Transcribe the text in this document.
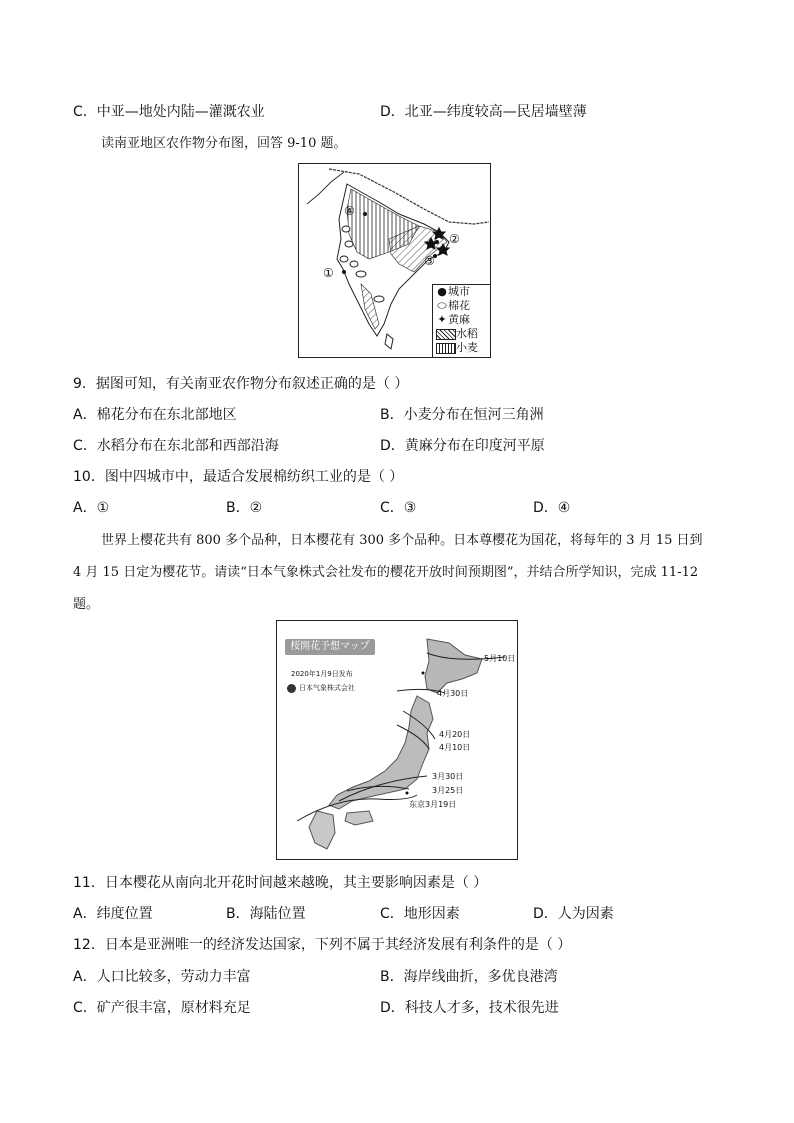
C．中亚—地处内陆—灌溉农业	D．北亚—纬度较高—民居墙壁薄
读南亚地区农作物分布图，回答 9-10 题。
④
①
②
③
●城市
⬭棉花
✦黄麻
水稻
小麦
9．据图可知，有关南亚农作物分布叙述正确的是（ ）
A．棉花分布在东北部地区	B．小麦分布在恒河三角洲
C．水稻分布在东北部和西部沿海	D．黄麻分布在印度河平原
10．图中四城市中，最适合发展棉纺织工业的是（ ）
A．①	B．②	C．③	D．④
世界上樱花共有 800 多个品种，日本樱花有 300 多个品种。日本尊樱花为国花，将每年的 3 月 15 日到
4 月 15 日定为樱花节。请读“日本气象株式会社发布的樱花开放时间预期图”，并结合所学知识，完成 11-12
题。
桜開花予想マップ
2020年1月9日发布
日本气象株式会社
5月10日
4月30日
4月20日
4月10日
3月30日
3月25日
东京3月19日
11．日本樱花从南向北开花时间越来越晚，其主要影响因素是（ ）
A．纬度位置	B．海陆位置	C．地形因素	D．人为因素
12．日本是亚洲唯一的经济发达国家，下列不属于其经济发展有利条件的是（ ）
A．人口比较多，劳动力丰富	B．海岸线曲折，多优良港湾
C．矿产很丰富，原材料充足	D．科技人才多，技术很先进
